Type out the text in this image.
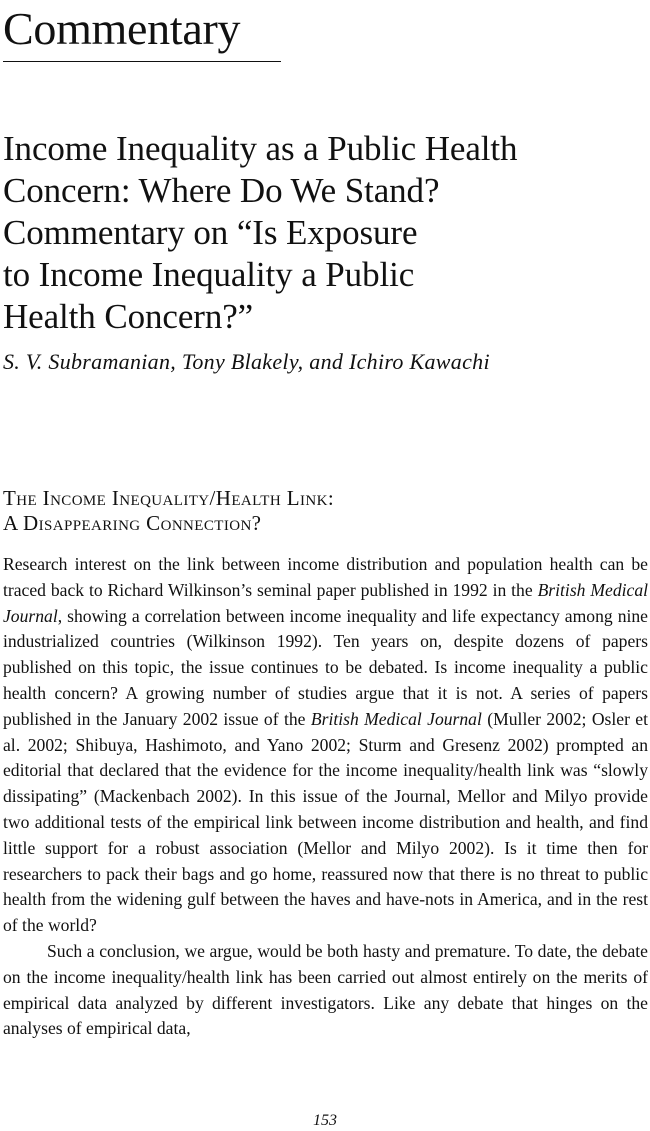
Commentary
Income Inequality as a Public Health
Concern: Where Do We Stand?
Commentary on “Is Exposure
to Income Inequality a Public
Health Concern?”
S. V. Subramanian, Tony Blakely, and Ichiro Kawachi
The Income Inequality/Health Link:
A Disappearing Connection?

Research interest on the link between income distribution and population health can be traced back to Richard Wilkinson’s seminal paper published in 1992 in the British Medical Journal, showing a correlation between income inequality and life expectancy among nine industrialized countries (Wilkinson 1992). Ten years on, despite dozens of papers published on this topic, the issue continues to be debated. Is income inequality a public health concern? A growing number of studies argue that it is not. A series of papers published in the January 2002 issue of the British Medical Journal (Muller 2002; Osler et al. 2002; Shibuya, Hashimoto, and Yano 2002; Sturm and Gresenz 2002) prompted an editorial that declared that the evidence for the income inequality/health link was “slowly dissipating” (Mackenbach 2002). In this issue of the Journal, Mellor and Milyo provide two additional tests of the empirical link between income distribution and health, and find little support for a robust association (Mellor and Milyo 2002). Is it time then for researchers to pack their bags and go home, reassured now that there is no threat to public health from the widening gulf between the haves and have-nots in America, and in the rest of the world?

Such a conclusion, we argue, would be both hasty and premature. To date, the debate on the income inequality/health link has been carried out almost entirely on the merits of empirical data analyzed by different investigators. Like any debate that hinges on the analyses of empirical data,

153
